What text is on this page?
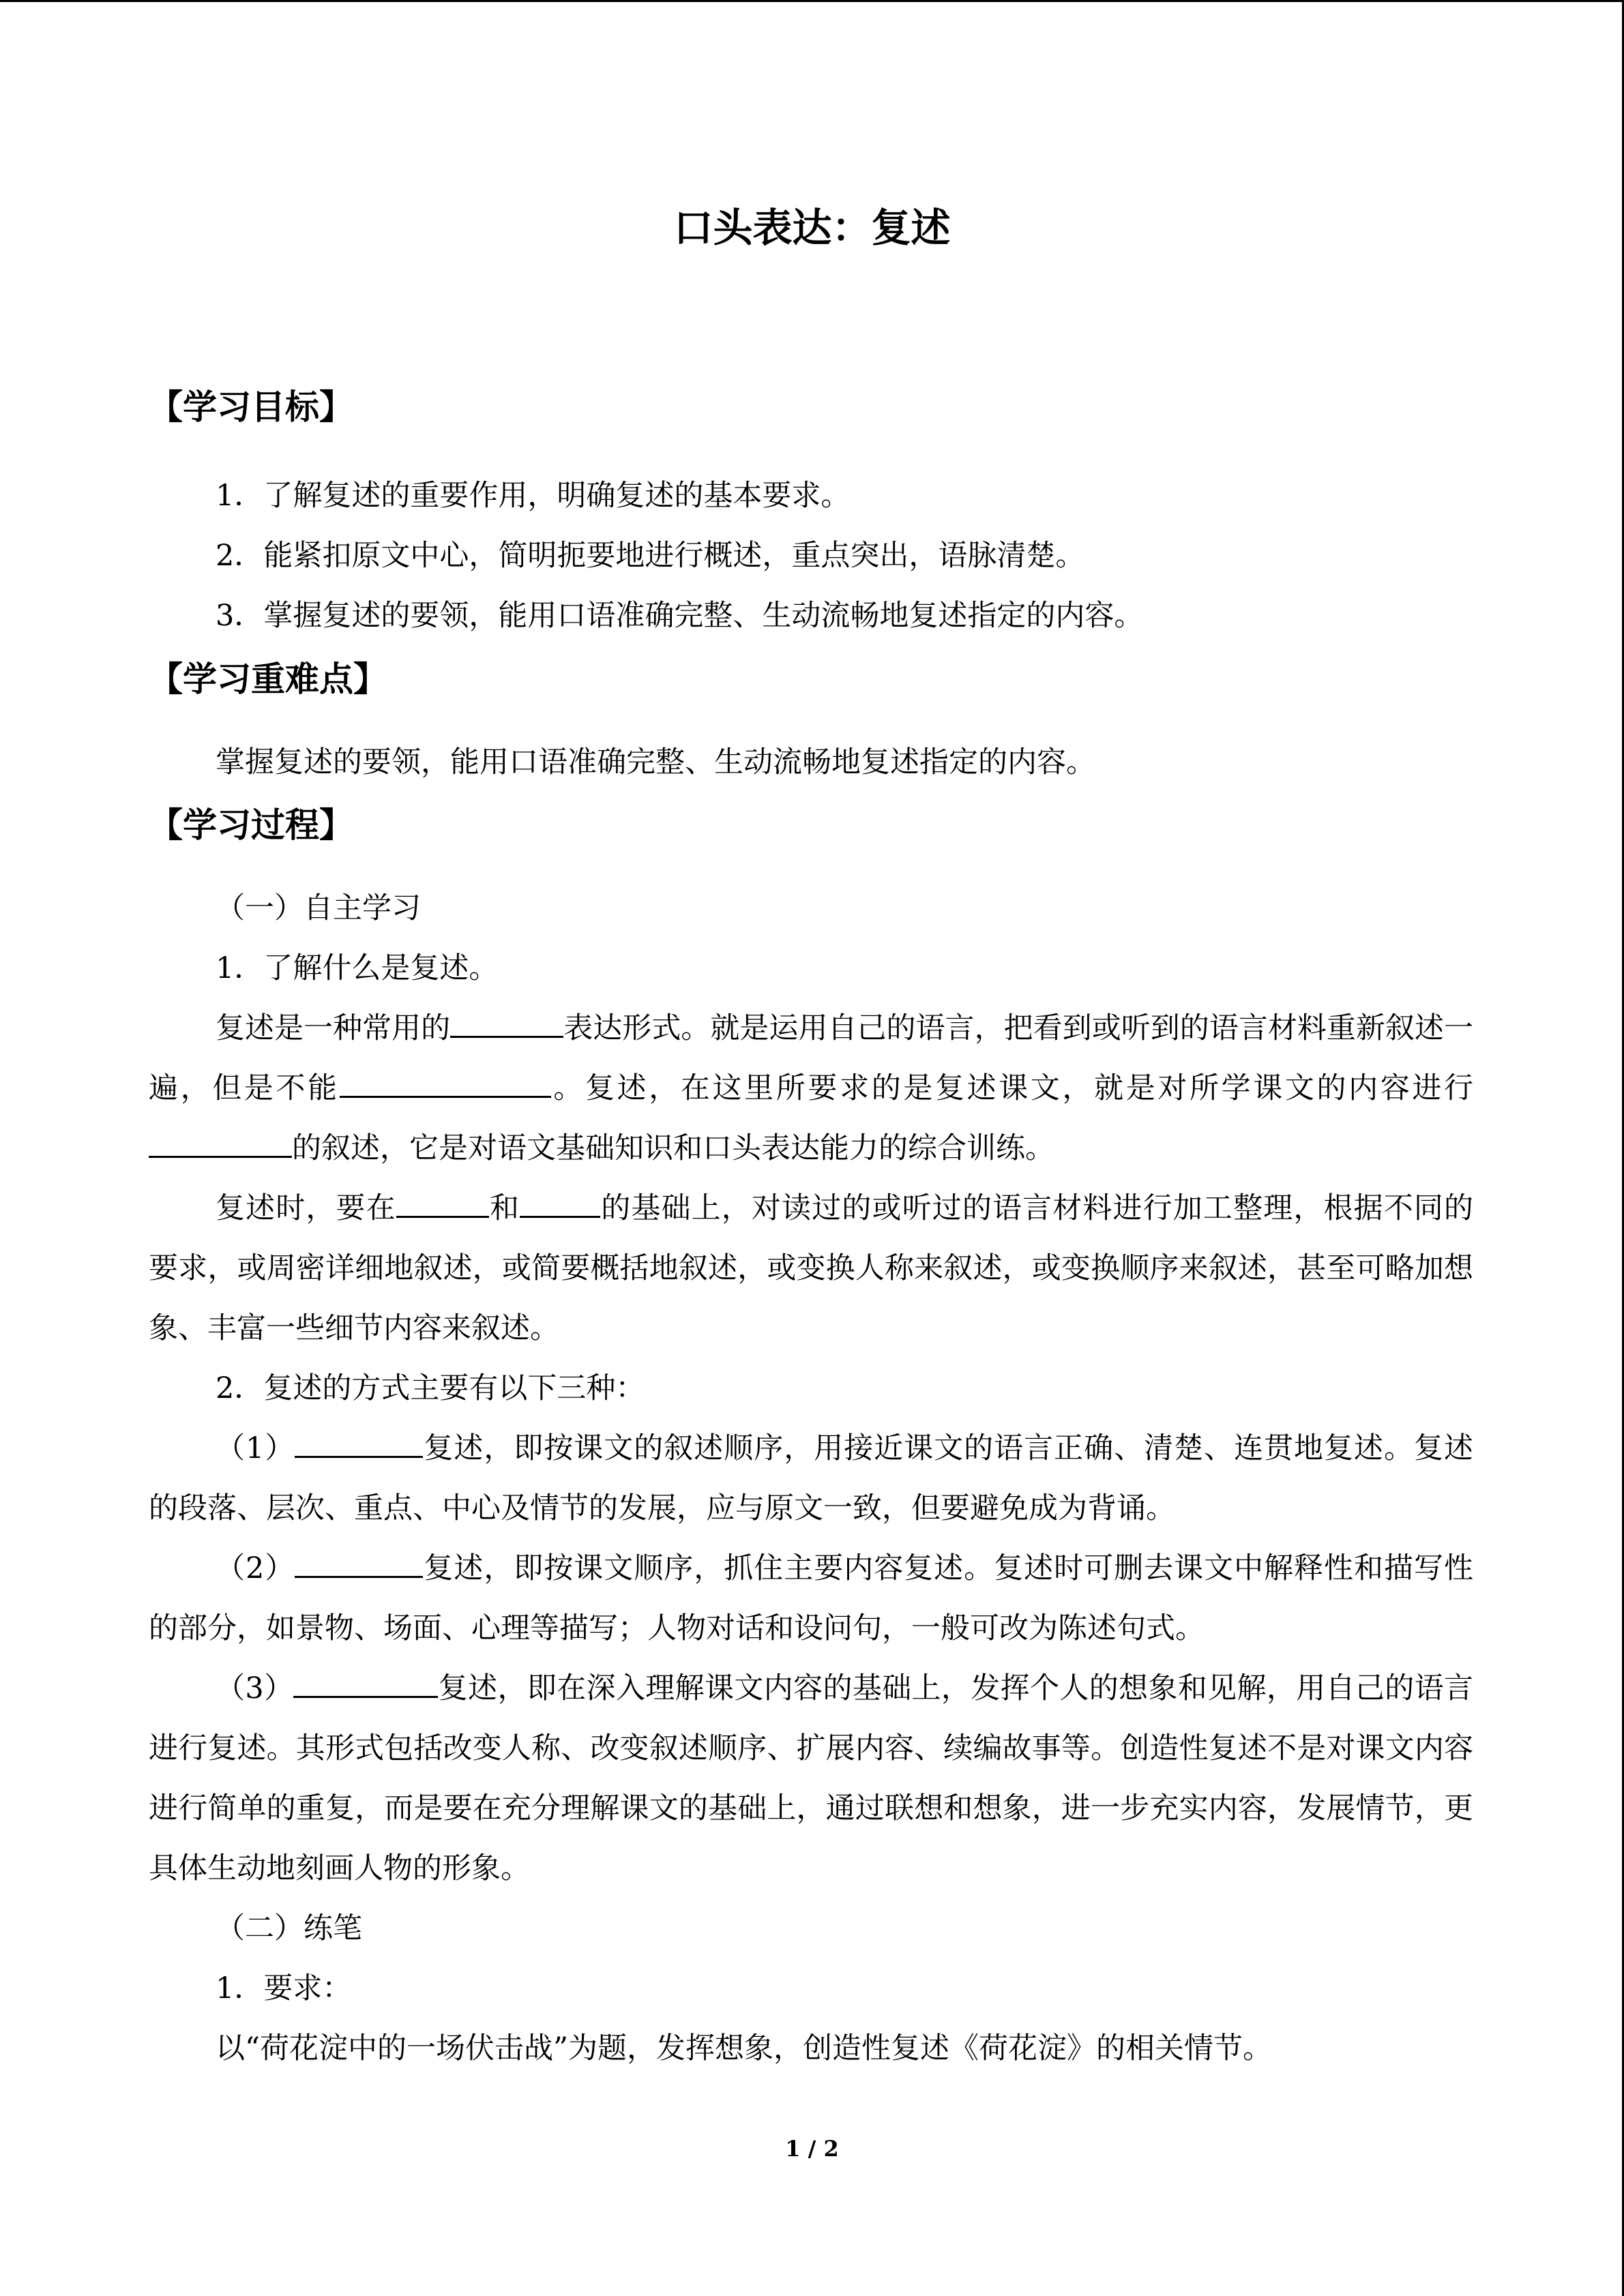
口头表达：复述
【学习目标】
1．了解复述的重要作用，明确复述的基本要求。
2．能紧扣原文中心，简明扼要地进行概述，重点突出，语脉清楚。
3．掌握复述的要领，能用口语准确完整、生动流畅地复述指定的内容。
【学习重难点】
掌握复述的要领，能用口语准确完整、生动流畅地复述指定的内容。
【学习过程】
（一）自主学习
1．了解什么是复述。
复述是一种常用的	表达形式。就是运用自己的语言，把看到或听到的语言材料重新叙述一遍，但是不能	。复述，在这里所要求的是复述课文，就是对所学课文的内容进行的叙述，它是对语文基础知识和口头表达能力的综合训练。
复述时，要在	和	的基础上，对读过的或听过的语言材料进行加工整理，根据不同的要求，或周密详细地叙述，或简要概括地叙述，或变换人称来叙述，或变换顺序来叙述，甚至可略加想象、丰富一些细节内容来叙述。
2．复述的方式主要有以下三种：
（1）	复述，即按课文的叙述顺序，用接近课文的语言正确、清楚、连贯地复述。复述的段落、层次、重点、中心及情节的发展，应与原文一致，但要避免成为背诵。
（2）	复述，即按课文顺序，抓住主要内容复述。复述时可删去课文中解释性和描写性的部分，如景物、场面、心理等描写；人物对话和设问句，一般可改为陈述句式。
（3）	复述，即在深入理解课文内容的基础上，发挥个人的想象和见解，用自己的语言进行复述。其形式包括改变人称、改变叙述顺序、扩展内容、续编故事等。创造性复述不是对课文内容进行简单的重复，而是要在充分理解课文的基础上，通过联想和想象，进一步充实内容，发展情节，更具体生动地刻画人物的形象。
（二）练笔
1．要求：
以“荷花淀中的一场伏击战”为题，发挥想象，创造性复述《荷花淀》的相关情节。
1 / 2
